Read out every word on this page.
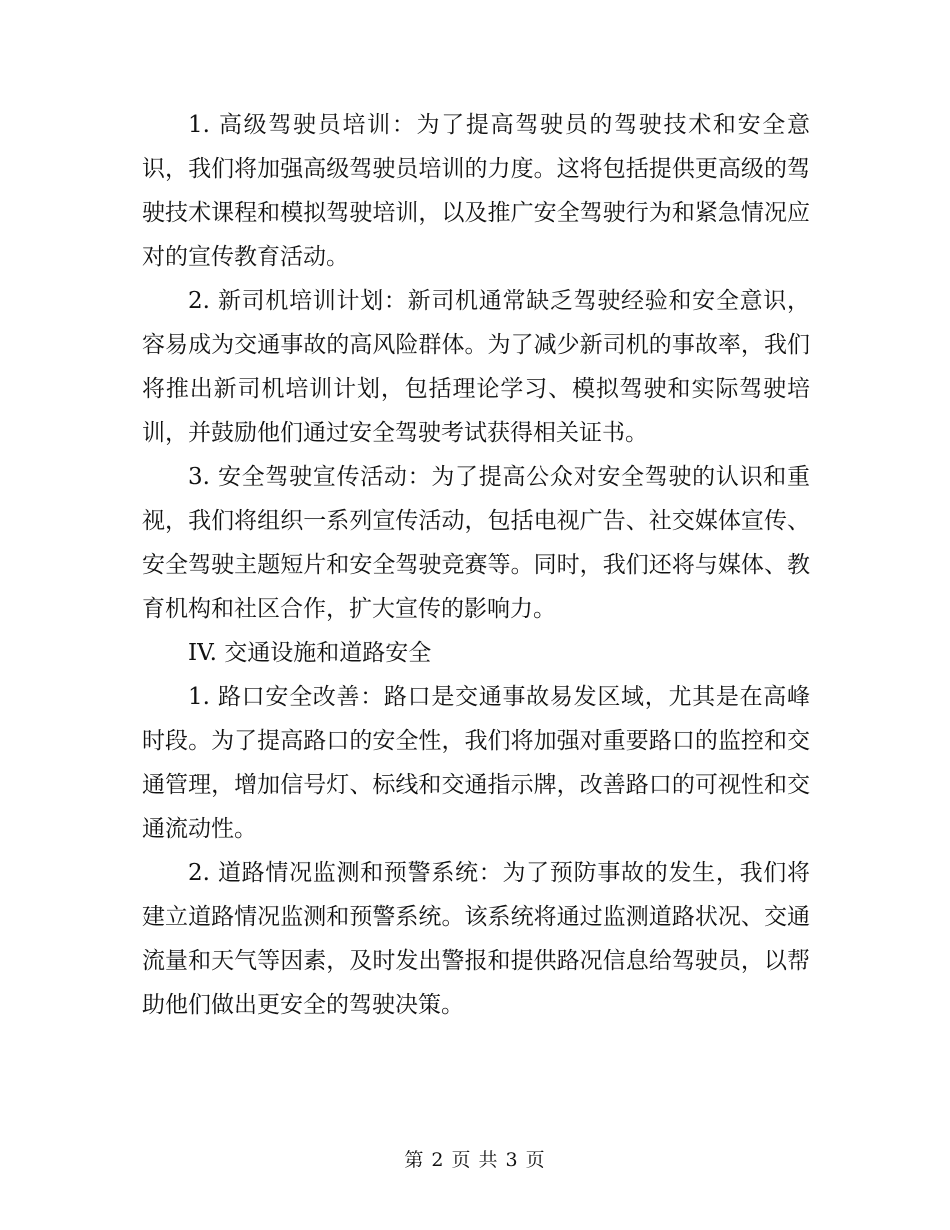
1. 高级驾驶员培训：为了提高驾驶员的驾驶技术和安全意识，我们将加强高级驾驶员培训的力度。这将包括提供更高级的驾驶技术课程和模拟驾驶培训，以及推广安全驾驶行为和紧急情况应对的宣传教育活动。

2. 新司机培训计划：新司机通常缺乏驾驶经验和安全意识，容易成为交通事故的高风险群体。为了减少新司机的事故率，我们将推出新司机培训计划，包括理论学习、模拟驾驶和实际驾驶培训，并鼓励他们通过安全驾驶考试获得相关证书。

3. 安全驾驶宣传活动：为了提高公众对安全驾驶的认识和重视，我们将组织一系列宣传活动，包括电视广告、社交媒体宣传、安全驾驶主题短片和安全驾驶竞赛等。同时，我们还将与媒体、教育机构和社区合作，扩大宣传的影响力。

IV. 交通设施和道路安全

1. 路口安全改善：路口是交通事故易发区域，尤其是在高峰时段。为了提高路口的安全性，我们将加强对重要路口的监控和交通管理，增加信号灯、标线和交通指示牌，改善路口的可视性和交通流动性。

2. 道路情况监测和预警系统：为了预防事故的发生，我们将建立道路情况监测和预警系统。该系统将通过监测道路状况、交通流量和天气等因素，及时发出警报和提供路况信息给驾驶员，以帮助他们做出更安全的驾驶决策。

第 2 页 共 3 页
